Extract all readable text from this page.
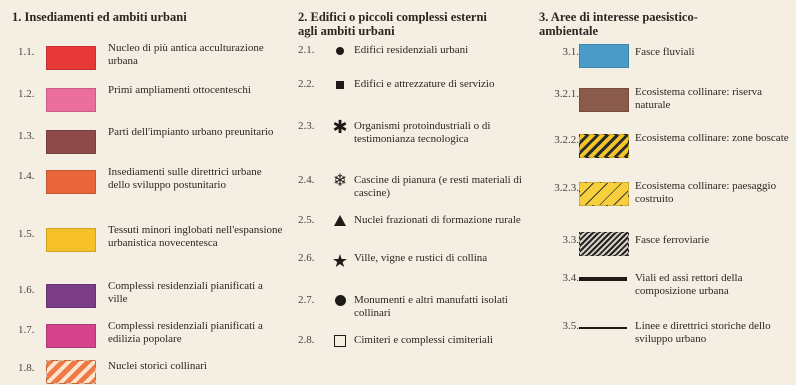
1. Insediamenti ed ambiti urbani
1.1.	Nucleo di più antica acculturazione urbana
1.2.	Primi ampliamenti ottocenteschi
1.3.	Parti dell'impianto urbano preunitario
1.4.	Insediamenti sulle direttrici urbane dello sviluppo postunitario
1.5.	Tessuti minori inglobati nell'espansione urbanistica novecentesca
1.6.	Complessi residenziali pianificati a ville
1.7.	Complessi residenziali pianificati a edilizia popolare
1.8.	Nuclei storici collinari
2. Edifici o piccoli complessi esterni agli ambiti urbani
2.1.	Edifici residenziali urbani
2.2.	Edifici e attrezzature di servizio
2.3. ✱ Organismi protoindustriali o di testimonianza tecnologica
2.4. ❄ Cascine di pianura (e resti materiali di cascine)
2.5.	Nuclei frazionati di formazione rurale
2.6. ★ Ville, vigne e rustici di collina
2.7.	Monumenti e altri manufatti isolati collinari
2.8.	Cimiteri e complessi cimiteriali
3. Aree di interesse paesistico-ambientale
3.1.	Fasce fluviali
3.2.1.	Ecosistema collinare: riserva naturale
3.2.2.	Ecosistema collinare: zone boscate
3.2.3.	Ecosistema collinare: paesaggio costruito
3.3.	Fasce ferroviarie
3.4.	Viali ed assi rettori della composizione urbana
3.5.	Linee e direttrici storiche dello sviluppo urbano
